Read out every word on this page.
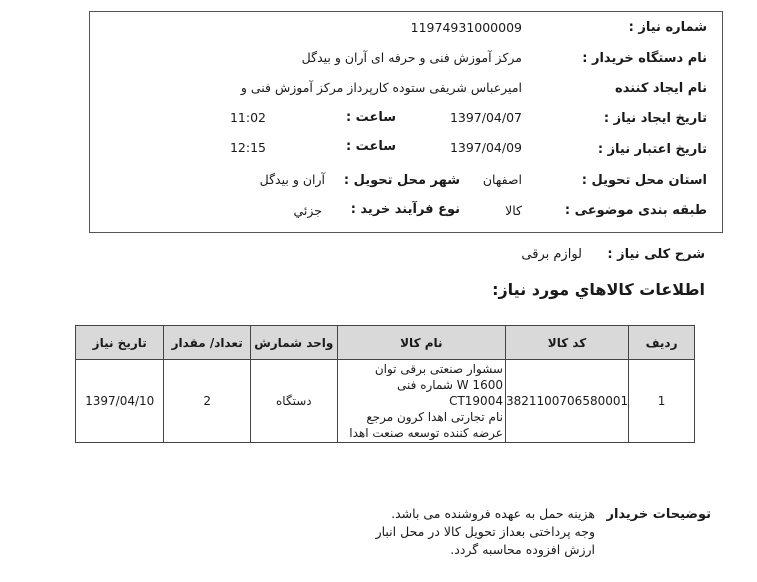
شماره نیاز :
11974931000009
نام دستگاه خریدار :
مرکز آموزش فنی و حرفه ای آران و بیدگل
نام ایجاد کننده
امیرعباس شریفی ستوده کارپرداز مرکز آموزش فنی و
تاریخ ایجاد نیاز :
1397/04/07
ساعت :
11:02
تاریخ اعتبار نیاز :
1397/04/09
ساعت :
12:15
استان محل تحویل :
اصفهان
شهر محل تحویل :
آران و بیدگل
طبقه بندی موضوعی :
کالا
نوع فرآیند خرید :
جزئي
شرح کلی نیاز :
لوازم برقی
اطلاعات كالاهاي مورد نیاز:
ردیف	کد کالا	نام کالا	واحد شمارش	تعداد/ مقدار	تاریخ نیاز
1	3821100706580001	سشوار صنعتی برقی توان
W 1600 شماره فنی CT19004
نام تجارتی اهدا کرون مرجع
عرضه کننده توسعه صنعت اهدا	دستگاه	2	1397/04/10
توضیحات خریدار
هزینه حمل به عهده فروشنده می باشد.
وجه پرداختی بعداز تحویل کالا در محل انبار
ارزش افزوده محاسبه گردد.
